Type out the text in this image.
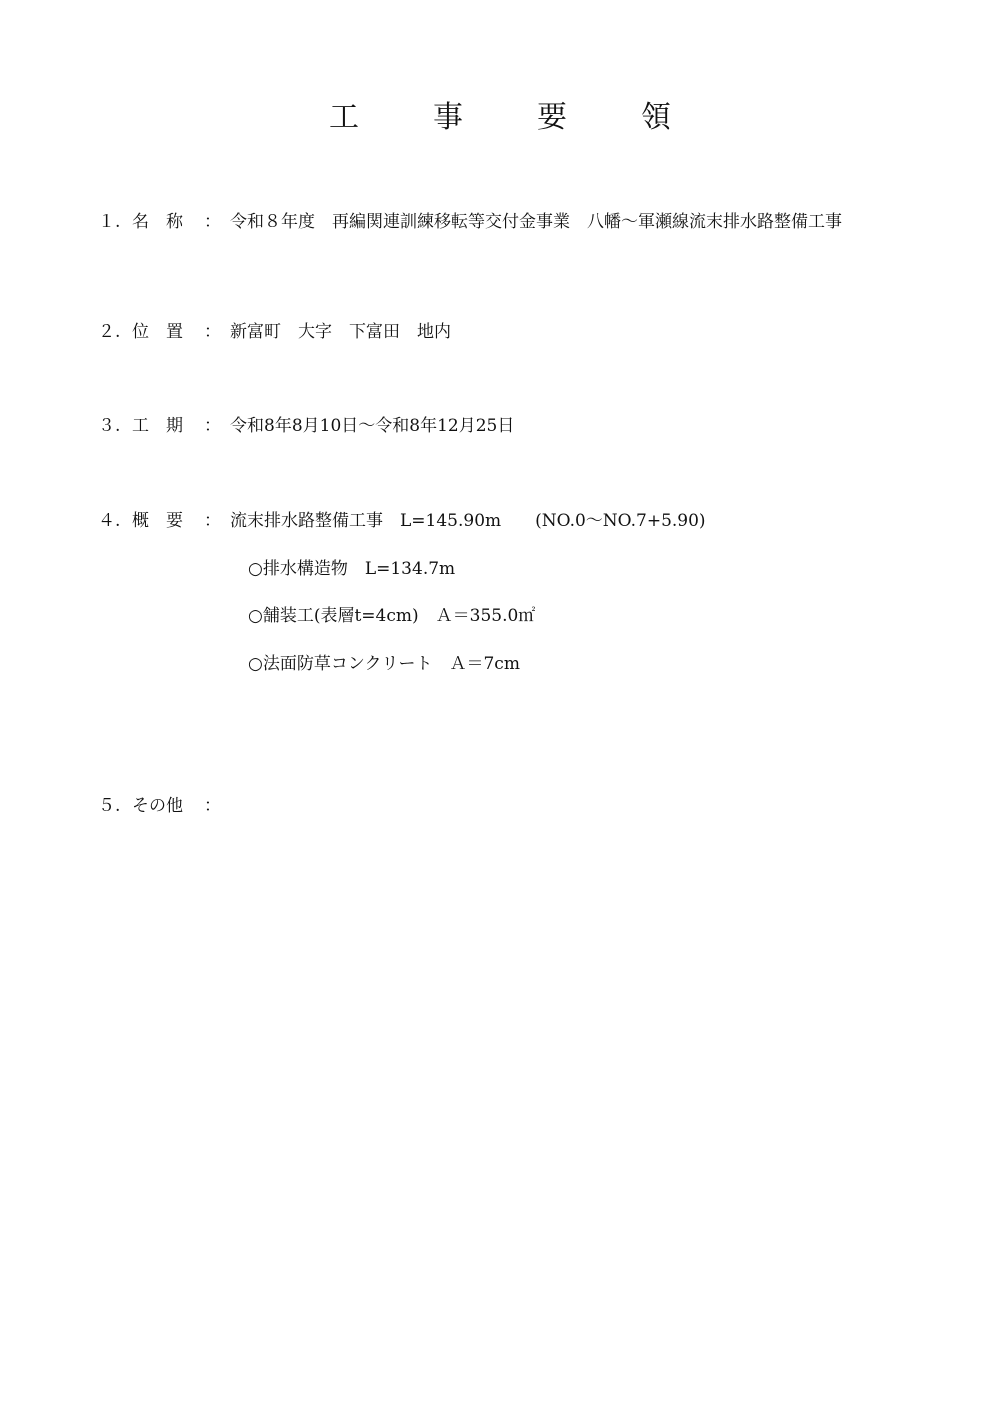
工　事　要　領
１. 名　称 ： 令和８年度　再編関連訓練移転等交付金事業　八幡～軍瀬線流末排水路整備工事
２. 位　置 ： 新富町　大字　下富田　地内
３. 工　期 ： 令和8年8月10日～令和8年12月25日
４. 概　要 ： 流末排水路整備工事　L=145.90m　　(NO.0～NO.7+5.90)
○排水構造物　L=134.7m
○舗装工(表層t=4cm)　Ａ＝355.0㎡
○法面防草コンクリート　Ａ＝7cm
５. その他 ：
